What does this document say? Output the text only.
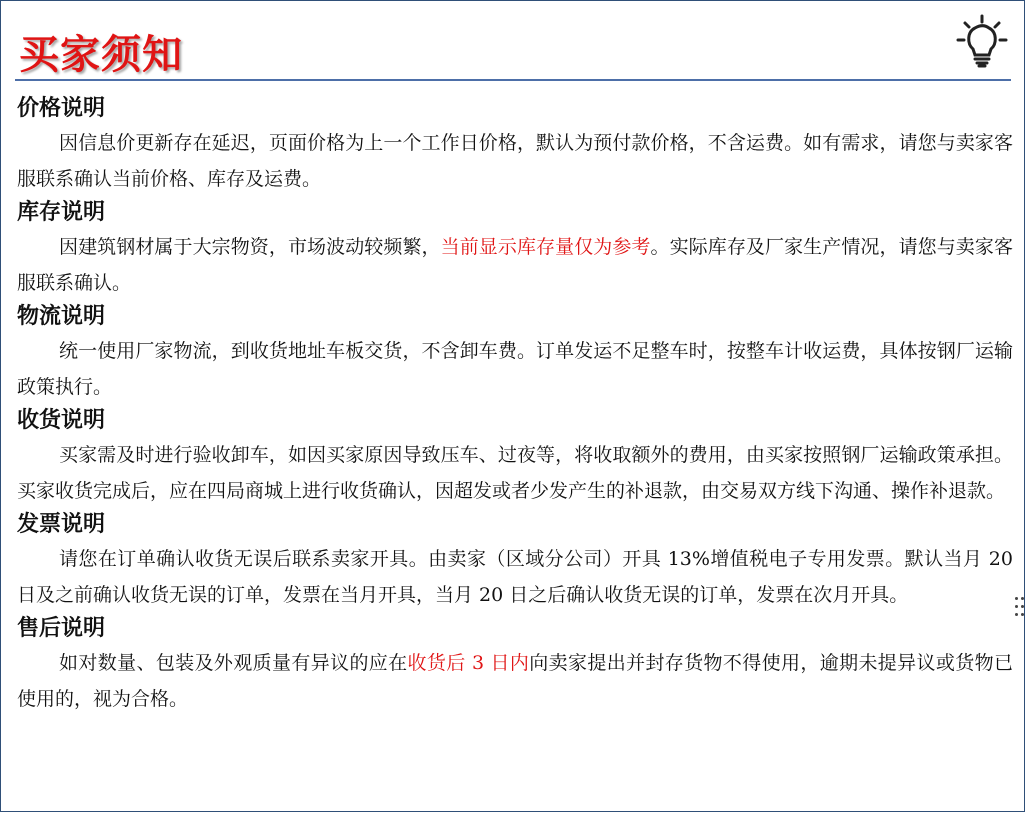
买家须知
价格说明

因信息价更新存在延迟，页面价格为上一个工作日价格，默认为预付款价格，不含运费。如有需求，请您与卖家客服联系确认当前价格、库存及运费。

库存说明

因建筑钢材属于大宗物资，市场波动较频繁，当前显示库存量仅为参考。实际库存及厂家生产情况，请您与卖家客服联系确认。

物流说明

统一使用厂家物流，到收货地址车板交货，不含卸车费。订单发运不足整车时，按整车计收运费，具体按钢厂运输政策执行。

收货说明

买家需及时进行验收卸车，如因买家原因导致压车、过夜等，将收取额外的费用，由买家按照钢厂运输政策承担。买家收货完成后，应在四局商城上进行收货确认，因超发或者少发产生的补退款，由交易双方线下沟通、操作补退款。

发票说明

请您在订单确认收货无误后联系卖家开具。由卖家（区域分公司）开具 13%增值税电子专用发票。默认当月 20 日及之前确认收货无误的订单，发票在当月开具，当月 20 日之后确认收货无误的订单，发票在次月开具。

售后说明

如对数量、包装及外观质量有异议的应在收货后 3 日内向卖家提出并封存货物不得使用，逾期未提异议或货物已使用的，视为合格。
